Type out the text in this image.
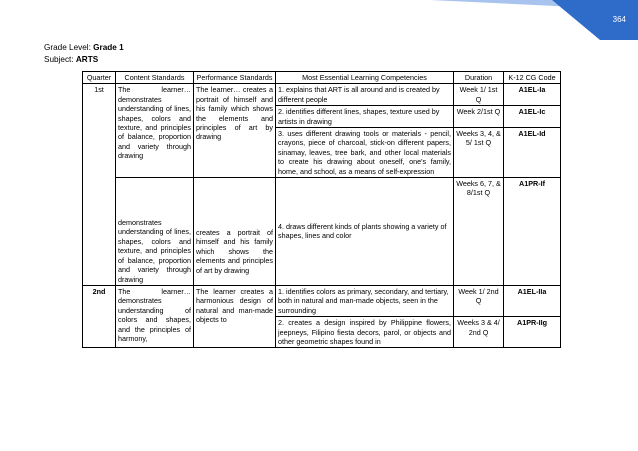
364
Grade Level: Grade 1
Subject: ARTS
Quarter	Content Standards	Performance Standards	Most Essential Learning Competencies	Duration	K-12 CG Code
1st	The learner… demonstrates understanding of lines, shapes, colors and texture, and principles of balance, proportion and variety through drawing	The learner… creates a portrait of himself and his family which shows the elements and principles of art by drawing	1. explains that ART is all around and is created by different people	Week 1/ 1st Q	A1EL-Ia
			2. identifies different lines, shapes, texture used by artists in drawing	Week 2/1st Q	A1EL-Ic
			3. uses different drawing tools or materials - pencil, crayons, piece of charcoal, stick-on different papers, sinamay, leaves, tree bark, and other local materials to create his drawing about oneself, one's family, home, and school, as a means of self-expression	Weeks 3, 4, & 5/ 1st Q	A1EL-Id
	demonstrates understanding of lines, shapes, colors and texture, and principles of balance, proportion and variety through drawing	creates a portrait of himself and his family which shows the elements and principles of art by drawing	4. draws different kinds of plants showing a variety of shapes, lines and color	Weeks 6, 7, & 8/1st Q	A1PR-If
2nd	The learner… demonstrates understanding of colors and shapes, and the principles of harmony,	The learner creates a harmonious design of natural and man-made objects to	1. identifies colors as primary, secondary, and tertiary, both in natural and man-made objects, seen in the surrounding	Week 1/ 2nd Q	A1EL-IIa
			2. creates a design inspired by Philippine flowers, jeepneys, Filipino fiesta decors, parol, or objects and other geometric shapes found in	Weeks 3 & 4/ 2nd Q	A1PR-IIg
